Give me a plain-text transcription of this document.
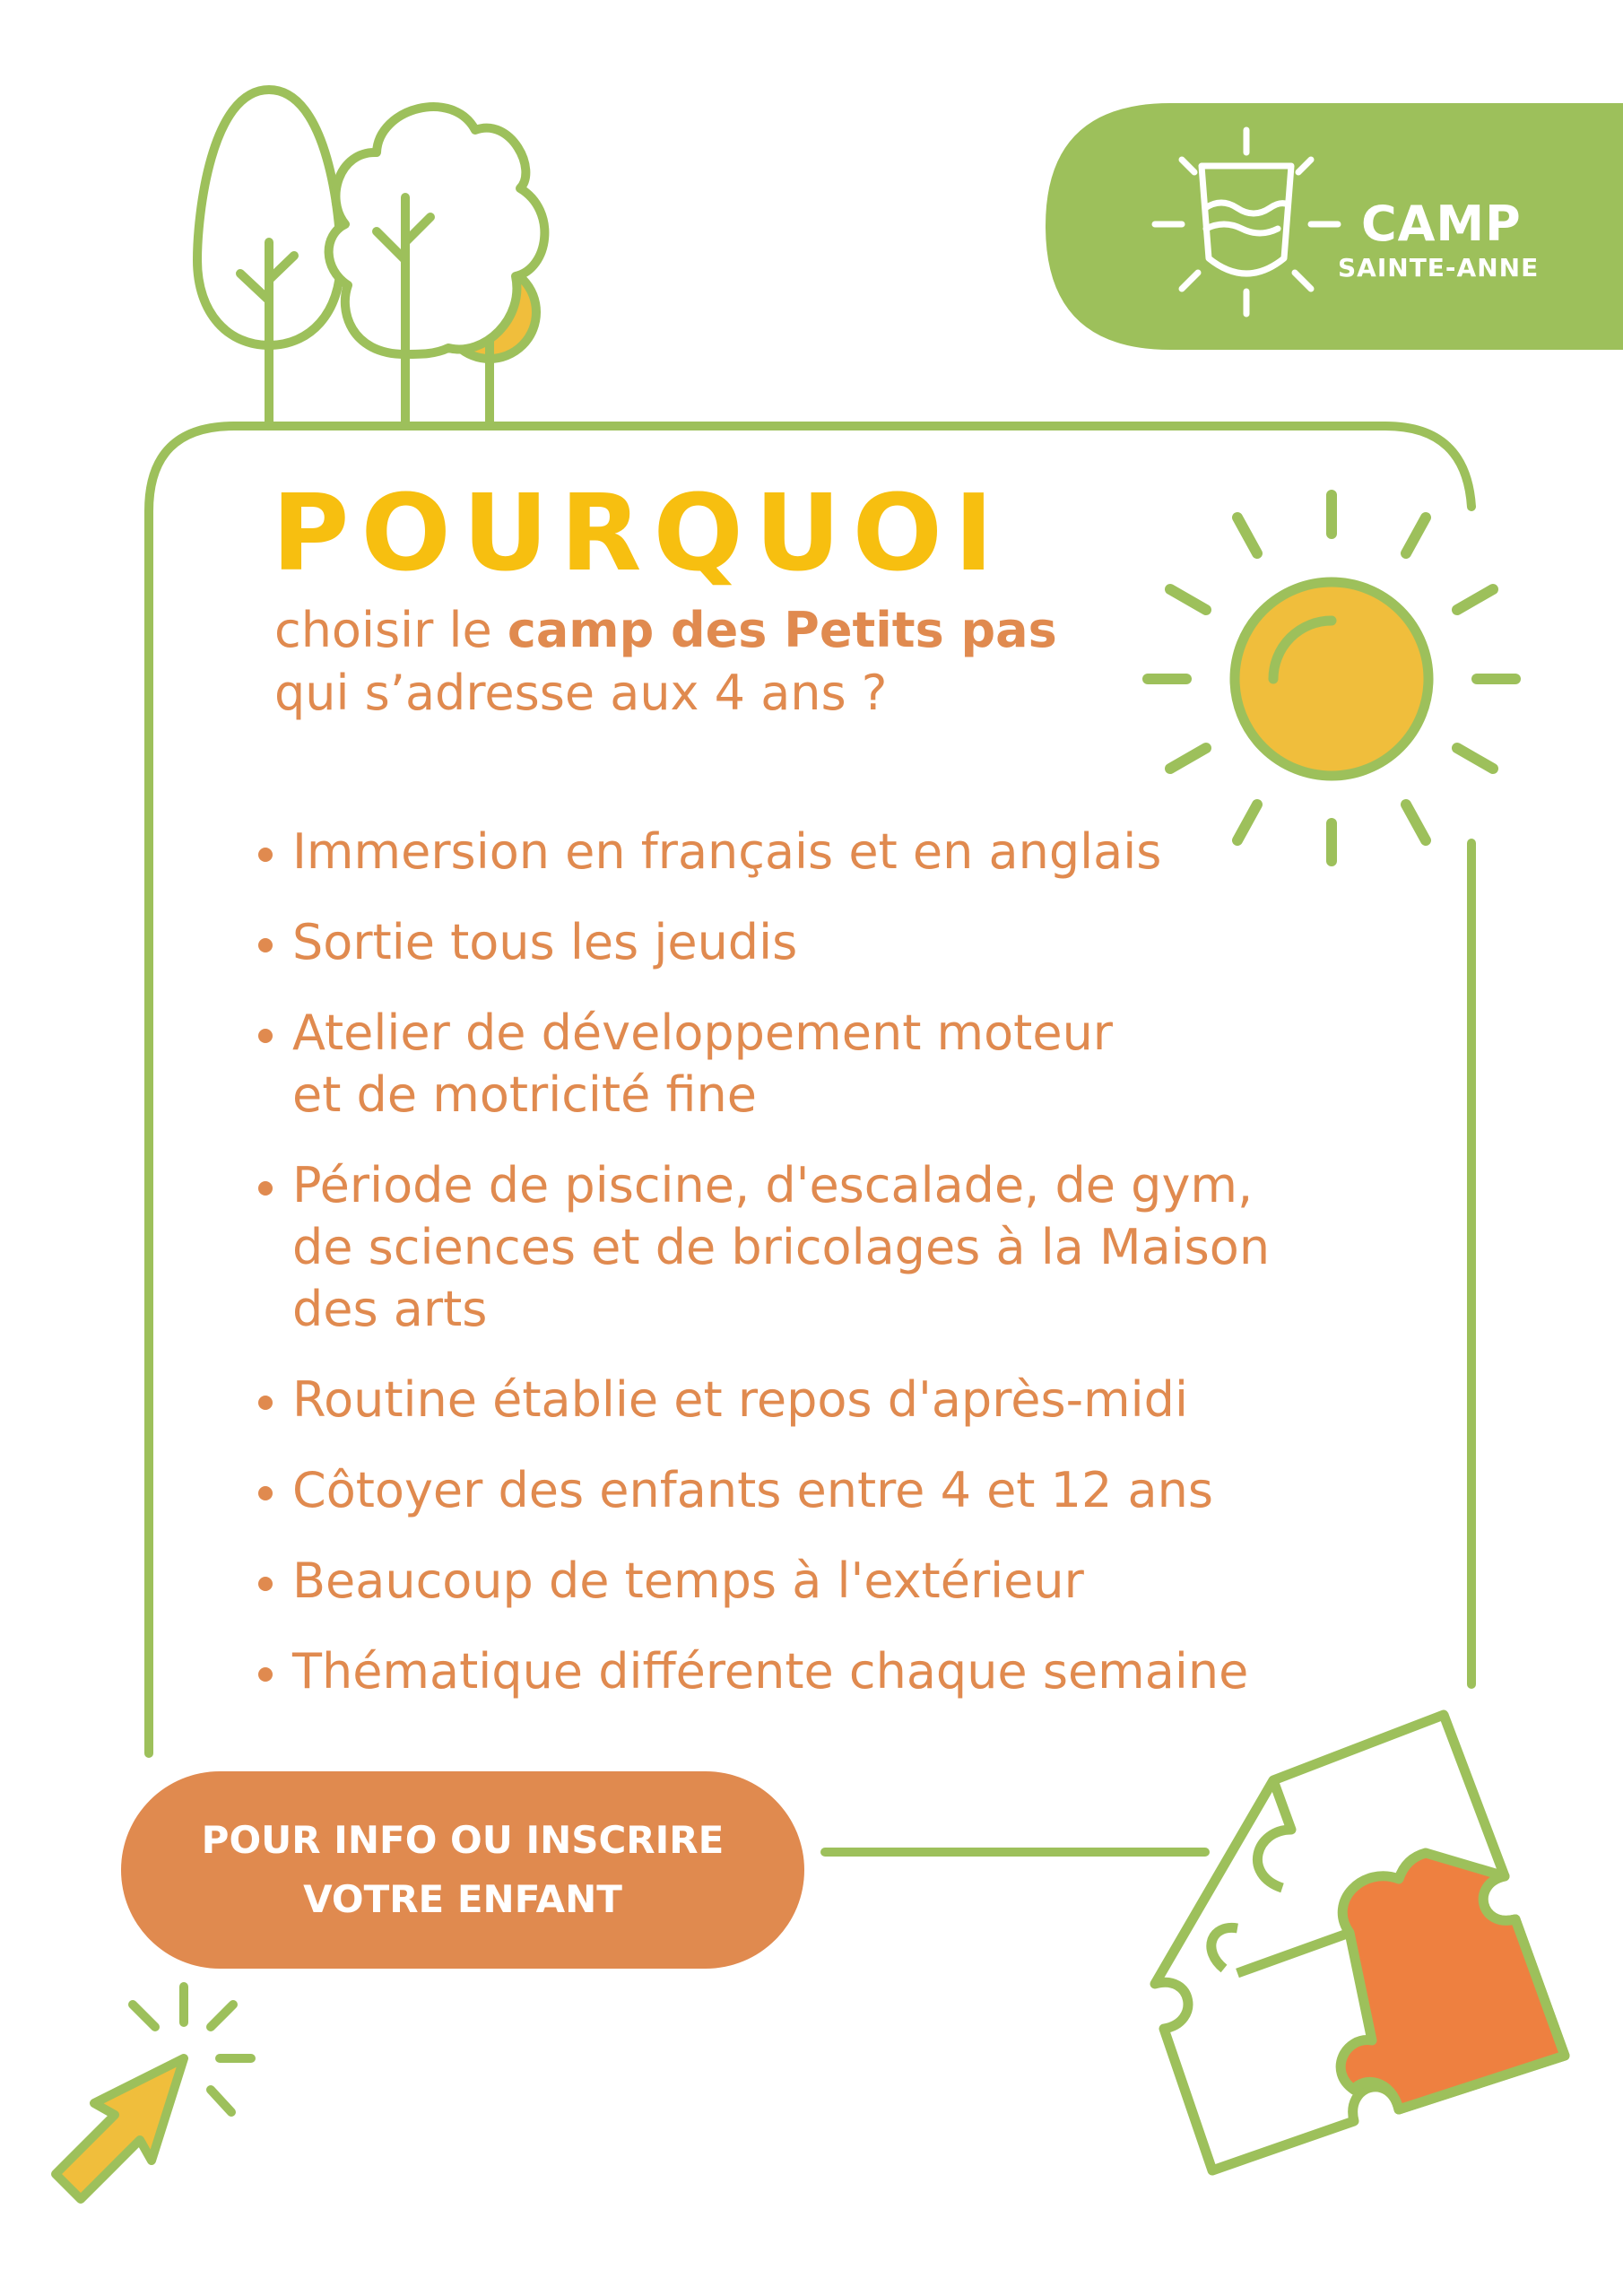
CAMP
SAINTE-ANNE
POURQUOI
choisir le camp des Petits pas
qui s’adresse aux 4 ans ?
Immersion en français et en anglais
Sortie tous les jeudis
Atelier de développement moteur
et de motricité fine
Période de piscine, d'escalade, de gym,
de sciences et de bricolages à la Maison
des arts
Routine établie et repos d'après-midi
Côtoyer des enfants entre 4 et 12 ans
Beaucoup de temps à l'extérieur
Thématique différente chaque semaine
POUR INFO OU INSCRIRE
VOTRE ENFANT
